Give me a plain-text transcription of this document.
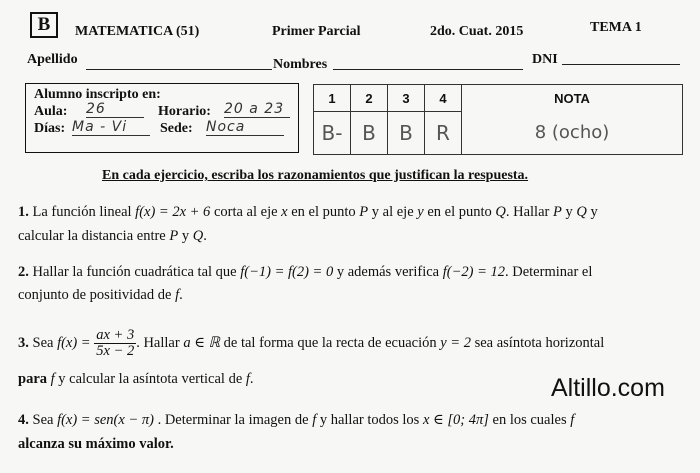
B	MATEMATICA (51)	Primer Parcial	2do. Cuat. 2015	TEMA 1
Apellido	Nombres	DNI
Alumno inscripto en:
Aula: 26	Horario: 20 a 23
Días: Ma - Vi	Sede: Noca
1	2	3	4	NOTA
B-	B	B	R	8 (ocho)
En cada ejercicio, escriba los razonamientos que justifican la respuesta.
1. La función lineal f(x) = 2x + 6 corta al eje x en el punto P y al eje y en el punto Q. Hallar P y Q y
calcular la distancia entre P y Q.
2. Hallar la función cuadrática tal que f(−1) = f(2) = 0 y además verifica f(−2) = 12. Determinar el
conjunto de positividad de f.
3. Sea $f(x) = \frac{ax + 3}{5x - 2}$ . Hallar a ∈ ℝ de tal forma que la recta de ecuación y = 2 sea asíntota horizontal
para f y calcular la asíntota vertical de f.
4. Sea f(x) = sen(x − π) . Determinar la imagen de f y hallar todos los x ∈ [0; 4π] en los cuales f
alcanza su máximo valor.
Altillo.com
